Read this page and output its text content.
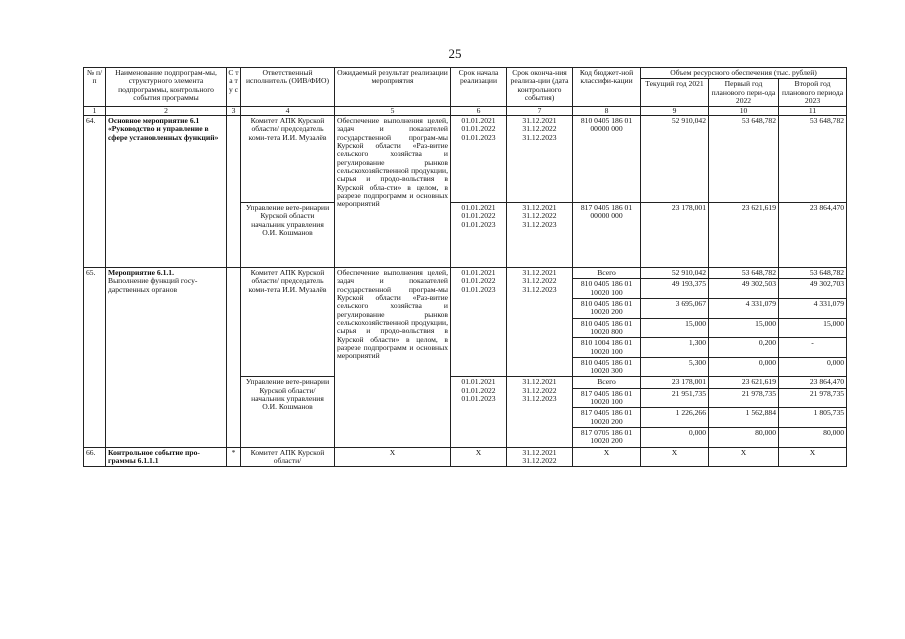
25
№ п/п	Наименование подпрограм-мы, структурного элемента подпрограммы, контрольного события программы	С т а т у с	Ответственный исполнитель (ОИВ/ФИО)	Ожидаемый результат реализации мероприятия	Срок начала реализации	Срок оконча-ния реализа-ции (дата контрольного события)	Код бюджет-ной классифи-кации	Объем ресурсного обеспечения (тыс. рублей)		
								Текущий год 2021	Первый год планового пери-ода 2022	Второй год планового периода 2023
1	2	3	4	5	6	7	8	9	10	11
64.	Основное мероприятие 6.1 «Руководство и управление в сфере установленных функций»		Комитет АПК Курской области/ председатель коми-тета И.И. Музалёв	Обеспечение выполнения целей, задач и показателей государственной програм-мы Курской области «Раз-витие сельского хозяйства и регулирование рынков сельскохозяйственной продукции, сырья и продо-вольствия в Курской обла-сти» в целом, в разрезе подпрограмм и основных мероприятий	01.01.2021 01.01.2022 01.01.2023	31.12.2021 31.12.2022 31.12.2023	810 0405 186 01 00000 000	52 910,042	53 648,782	53 648,782
			Управление вете-ринарии Курской области начальник управления О.И. Кошманов		01.01.2021 01.01.2022 01.01.2023	31.12.2021 31.12.2022 31.12.2023	817 0405 186 01 00000 000	23 178,001	23 621,619	23 864,470
65.	Мероприятие 6.1.1.
Выполнение функций госу-дарственных органов		Комитет АПК Курской области/ председатель коми-тета И.И. Музалёв	Обеспечение выполнения целей, задач и показателей государственной програм-мы Курской области «Раз-витие сельского хозяйства и регулирование рынков сельскохозяйственной продукции, сырья и продо-вольствия в Курской области» в целом, в разрезе подпрограмм и основных мероприятий	01.01.2021 01.01.2022 01.01.2023	31.12.2021 31.12.2022 31.12.2023	Всего	52 910,042	53 648,782	53 648,782
							810 0405 186 01 10020 100	49 193,375	49 302,503	49 302,703
							810 0405 186 01 10020 200	3 695,067	4 331,079	4 331,079
							810 0405 186 01 10020 800	15,000	15,000	15,000
							810 1004 186 01 10020 100	1,300	0,200	-
							810 0405 186 01 10020 300	5,300	0,000	0,000
			Управление вете-ринарии Курской области/ начальник управления О.И. Кошманов		01.01.2021 01.01.2022 01.01.2023	31.12.2021 31.12.2022 31.12.2023	Всего	23 178,001	23 621,619	23 864,470
							817 0405 186 01 10020 100	21 951,735	21 978,735	21 978,735
							817 0405 186 01 10020 200	1 226,266	1 562,884	1 805,735
							817 0705 186 01 10020 200	0,000	80,000	80,000
66.	Контрольное событие про-граммы 6.1.1.1	*	Комитет АПК Курской области/	X	X	31.12.2021 31.12.2022	X	X	X	X
